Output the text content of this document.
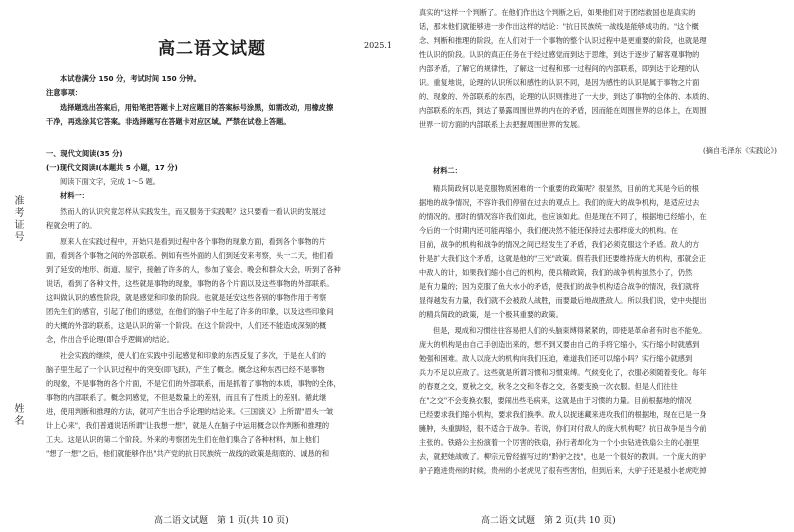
准考证号
姓名
高二语文试题	2025.1
本试卷满分 150 分，考试时间 150 分钟。
注意事项：
选择题选出答案后，用铅笔把答题卡上对应题目的答案标号涂黑，如需改动，用橡皮擦
干净，再选涂其它答案。非选择题写在答题卡对应区域。严禁在试卷上答题。
一、现代文阅读(35 分)
(一)现代文阅读Ⅰ(本题共 5 小题，17 分)
阅读下面文字，完成 1～5 题。
材料一：
然而人的认识究竟怎样从实践发生，而又服务于实践呢？这只要看一看认识的发展过
程就会明了的。
原来人在实践过程中，开始只是看到过程中各个事物的现象方面，看到各个事物的片
面，看到各个事物之间的外部联系。例如有些外面的人们到延安来考察，头一二天，他们看
到了延安的地形、街道、屋宇，接触了许多的人，参加了宴会、晚会和群众大会，听到了各种
说话，看到了各种文件，这些就是事物的现象，事物的各个片面以及这些事物的外部联系。
这叫做认识的感性阶段，就是感觉和印象的阶段。也就是延安这些各别的事物作用于考察
团先生们的感官，引起了他们的感觉，在他们的脑子中生起了许多的印象，以及这些印象间
的大概的外部的联系，这是认识的第一个阶段。在这个阶段中，人们还不能造成深刻的概
念，作出合乎论理(即合乎逻辑)的结论。
社会实践的继续，使人们在实践中引起感觉和印象的东西反复了多次，于是在人们的
脑子里生起了一个认识过程中的突变(即飞跃)，产生了概念。概念这种东西已经不是事物
的现象，不是事物的各个片面，不是它们的外部联系，而是抓着了事物的本质，事物的全体，
事物的内部联系了。概念同感觉，不但是数量上的差别，而且有了性质上的差别。循此继
进，使用判断和推理的方法，就可产生出合乎论理的结论来。《三国演义》上所谓"眉头一皱
计上心来"，我们普通说话所谓"让我想一想"，就是人在脑子中运用概念以作判断和推理的
工夫。这是认识的第二个阶段。外来的考察团先生们在他们集合了各种材料，加上他们
"想了一想"之后，他们就能够作出"共产党的抗日民族统一战线的政策是彻底的、诚恳的和
高二语文试题　第 1 页(共 10 页)
真实的"这样一个判断了。在他们作出这个判断之后，如果他们对于团结救国也是真实的
话，那末他们就能够进一步作出这样的结论："抗日民族统一战线是能够成功的。"这个概
念、判断和推理的阶段，在人们对于一个事物的整个认识过程中是更重要的阶段，也就是理
性认识的阶段。认识的真正任务在于经过感觉而到达于思维，到达于逐步了解客观事物的
内部矛盾，了解它的规律性，了解这一过程和那一过程间的内部联系，即到达于论理的认
识。重复地说，论理的认识所以和感性的认识不同，是因为感性的认识是属于事物之片面
的、现象的、外部联系的东西，论理的认识则推进了一大步，到达了事物的全体的、本质的、
内部联系的东西，到达了暴露周围世界的内在的矛盾，因而能在周围世界的总体上，在周围
世界一切方面的内部联系上去把握周围世界的发展。
(摘自毛泽东《实践论》)
材料二：
精兵简政何以是克服物质困难的一个重要的政策呢？很显然，目前的尤其是今后的根
据地的战争情况，不容许我们停留在过去的观点上。我们的庞大的战争机构，是适应过去
的情况的。那时的情况容许我们如此，也应该如此。但是现在不同了，根据地已经缩小，在
今后的一个时期内还可能再缩小，我们便决然不能还保持过去那样庞大的机构。在
目前，战争的机构和战争的情况之间已经发生了矛盾，我们必须克服这个矛盾。敌人的方
针是扩大我们这个矛盾，这就是他的"三光"政策。假若我们还要维持庞大的机构，那就会正
中敌人的计，如果我们缩小自己的机构，使兵精政简，我们的战争机构虽然小了，仍然
是有力量的；因为克服了鱼大水小的矛盾，使我们的战争机构适合战争的情况，我们就将
显得越发有力量，我们就不会被敌人战胜，而要最后地战胜敌人。所以我们说，党中央提出
的精兵简政的政策，是一个极其重要的政策。
但是，現成和习惯往往容易把人们的头脑束缚得紧紧的，即使是革命者有时也不能免。
庞大的机构是由自己手创造出来的，想不到又要由自己的手将它缩小，实行缩小时就感到
勉强和困难。敌人以庞大的机构向我们压迫，难道我们还可以缩小吗？实行缩小就感到
兵力不足以应敌了。这些就是所谓习惯和习惯束缚。气候变化了，衣服必须随着变化。每年
的春夏之交，夏秋之交，秋冬之交和冬春之交，各要变换一次衣服。但是人们往往
在"之交"不会变换衣服，要闹出些毛病来，这就是由于习惯的力量。目前根据地的情况
已经要求我们缩小机构，要求我们换季。敌人以捉迷藏来进攻我们的根据地，现在已是一身
臃肿，头重脚轻，很不适合于战争。若说，你们对付敌人的庞大机构呢？抗日战争是当今前
主张的。铁路公主扮演着一个厉害的铁扇，孙行者却化为一个小虫钻进铁扇公主的心脏里
去，就把她战败了。柳宗元曾经描写过的"黔驴之技"，也是一个很好的教训。一个庞大的驴
驴子跑进贵州的时候，贵州的小老虎见了很有些害怕，但到后来，大驴子还是被小老虎吃掉
高二语文试题　第 2 页(共 10 页)
